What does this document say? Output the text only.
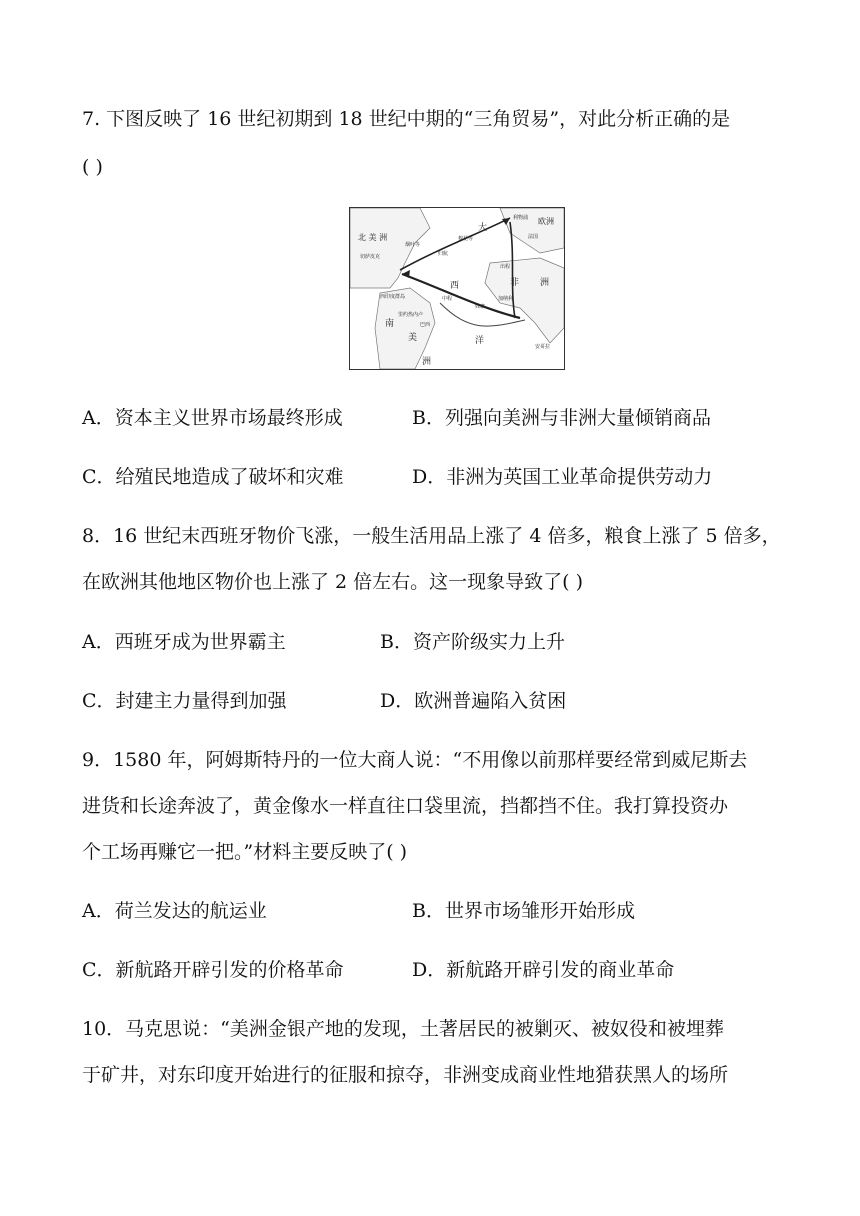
7. 下图反映了 16 世纪初期到 18 世纪中期的“三角贸易”，对此分析正确的是
( )
北 美 洲
大
欧洲
利物浦
法国
西	非 洲
南
美
洲
洋
归航
中程
出程
安哥拉
切萨皮克
西印度群岛
烟叶等
棉花等
巴西
奴隶
加纳利
里约热内卢
A．资本主义世界市场最终形成	B．列强向美洲与非洲大量倾销商品
C．给殖民地造成了破坏和灾难	D．非洲为英国工业革命提供劳动力
8．16 世纪末西班牙物价飞涨，一般生活用品上涨了 4 倍多，粮食上涨了 5 倍多，
在欧洲其他地区物价也上涨了 2 倍左右。这一现象导致了( )
A．西班牙成为世界霸主	B．资产阶级实力上升
C．封建主力量得到加强	D．欧洲普遍陷入贫困
9．1580 年，阿姆斯特丹的一位大商人说：“不用像以前那样要经常到威尼斯去
进货和长途奔波了，黄金像水一样直往口袋里流，挡都挡不住。我打算投资办
个工场再赚它一把。”材料主要反映了( )
A．荷兰发达的航运业	B．世界市场雏形开始形成
C．新航路开辟引发的价格革命	D．新航路开辟引发的商业革命
10．马克思说：“美洲金银产地的发现，土著居民的被剿灭、被奴役和被埋葬
于矿井，对东印度开始进行的征服和掠夺，非洲变成商业性地猎获黑人的场所
